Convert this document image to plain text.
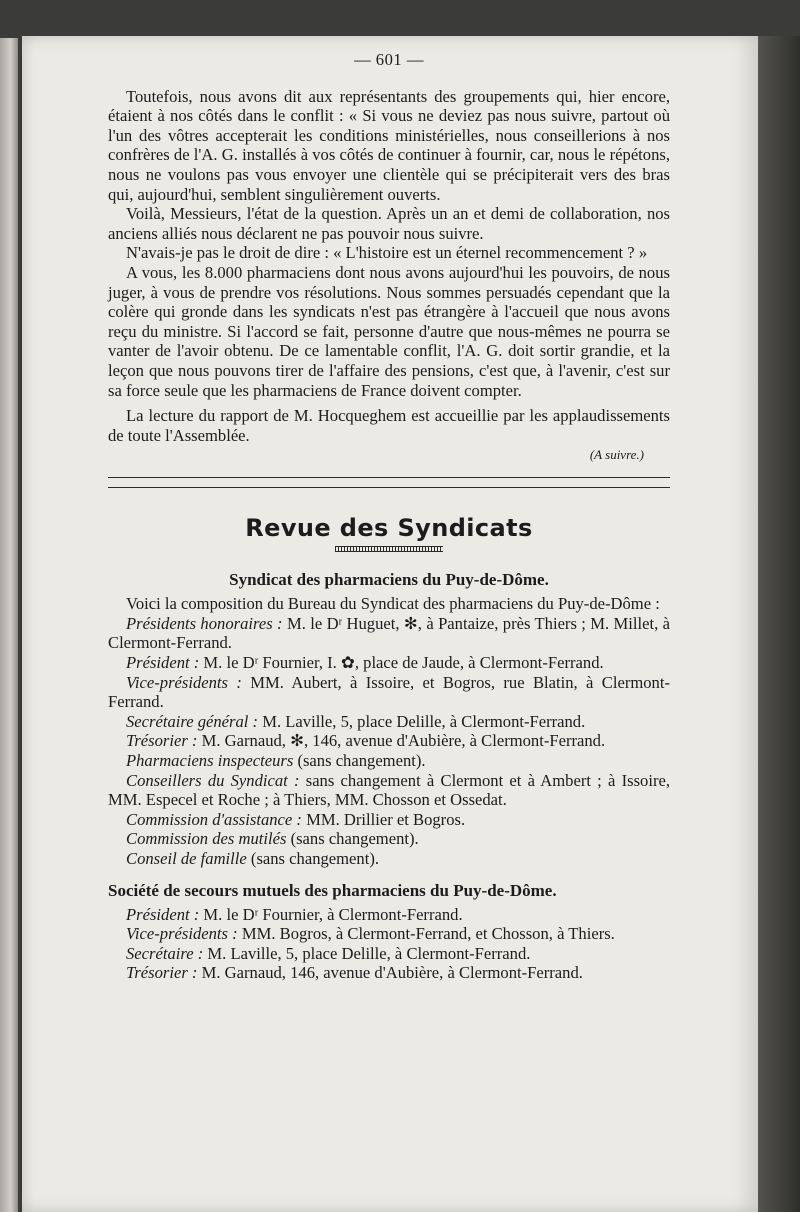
— 601 —

Toutefois, nous avons dit aux représentants des groupements qui, hier encore, étaient à nos côtés dans le conflit : « Si vous ne deviez pas nous suivre, partout où l'un des vôtres accepterait les conditions ministérielles, nous conseillerions à nos confrères de l'A. G. installés à vos côtés de continuer à fournir, car, nous le répétons, nous ne voulons pas vous envoyer une clientèle qui se précipiterait vers des bras qui, aujourd'hui, semblent singulièrement ouverts.

Voilà, Messieurs, l'état de la question. Après un an et demi de collaboration, nos anciens alliés nous déclarent ne pas pouvoir nous suivre.

N'avais-je pas le droit de dire : « L'histoire est un éternel recommencement ? »

A vous, les 8.000 pharmaciens dont nous avons aujourd'hui les pouvoirs, de nous juger, à vous de prendre vos résolutions. Nous sommes persuadés cependant que la colère qui gronde dans les syndicats n'est pas étrangère à l'accueil que nous avons reçu du ministre. Si l'accord se fait, personne d'autre que nous-mêmes ne pourra se vanter de l'avoir obtenu. De ce lamentable conflit, l'A. G. doit sortir grandie, et la leçon que nous pouvons tirer de l'affaire des pensions, c'est que, à l'avenir, c'est sur sa force seule que les pharmaciens de France doivent compter.

La lecture du rapport de M. Hocqueghem est accueillie par les applaudissements de toute l'Assemblée.

(A suivre.)
Revue des Syndicats
Syndicat des pharmaciens du Puy-de-Dôme.

Voici la composition du Bureau du Syndicat des pharmaciens du Puy-de-Dôme :

Présidents honoraires : M. le Dʳ Huguet, ✻, à Pantaize, près Thiers ; M. Millet, à Clermont-Ferrand.

Président : M. le Dʳ Fournier, I. ✿, place de Jaude, à Clermont-Ferrand.

Vice-présidents : MM. Aubert, à Issoire, et Bogros, rue Blatin, à Clermont-Ferrand.

Secrétaire général : M. Laville, 5, place Delille, à Clermont-Ferrand.

Trésorier : M. Garnaud, ✻, 146, avenue d'Aubière, à Clermont-Ferrand.

Pharmaciens inspecteurs (sans changement).

Conseillers du Syndicat : sans changement à Clermont et à Ambert ; à Issoire, MM. Especel et Roche ; à Thiers, MM. Chosson et Ossedat.

Commission d'assistance : MM. Drillier et Bogros.

Commission des mutilés (sans changement).

Conseil de famille (sans changement).

Société de secours mutuels des pharmaciens du Puy-de-Dôme.

Président : M. le Dʳ Fournier, à Clermont-Ferrand.

Vice-présidents : MM. Bogros, à Clermont-Ferrand, et Chosson, à Thiers.

Secrétaire : M. Laville, 5, place Delille, à Clermont-Ferrand.

Trésorier : M. Garnaud, 146, avenue d'Aubière, à Clermont-Ferrand.
